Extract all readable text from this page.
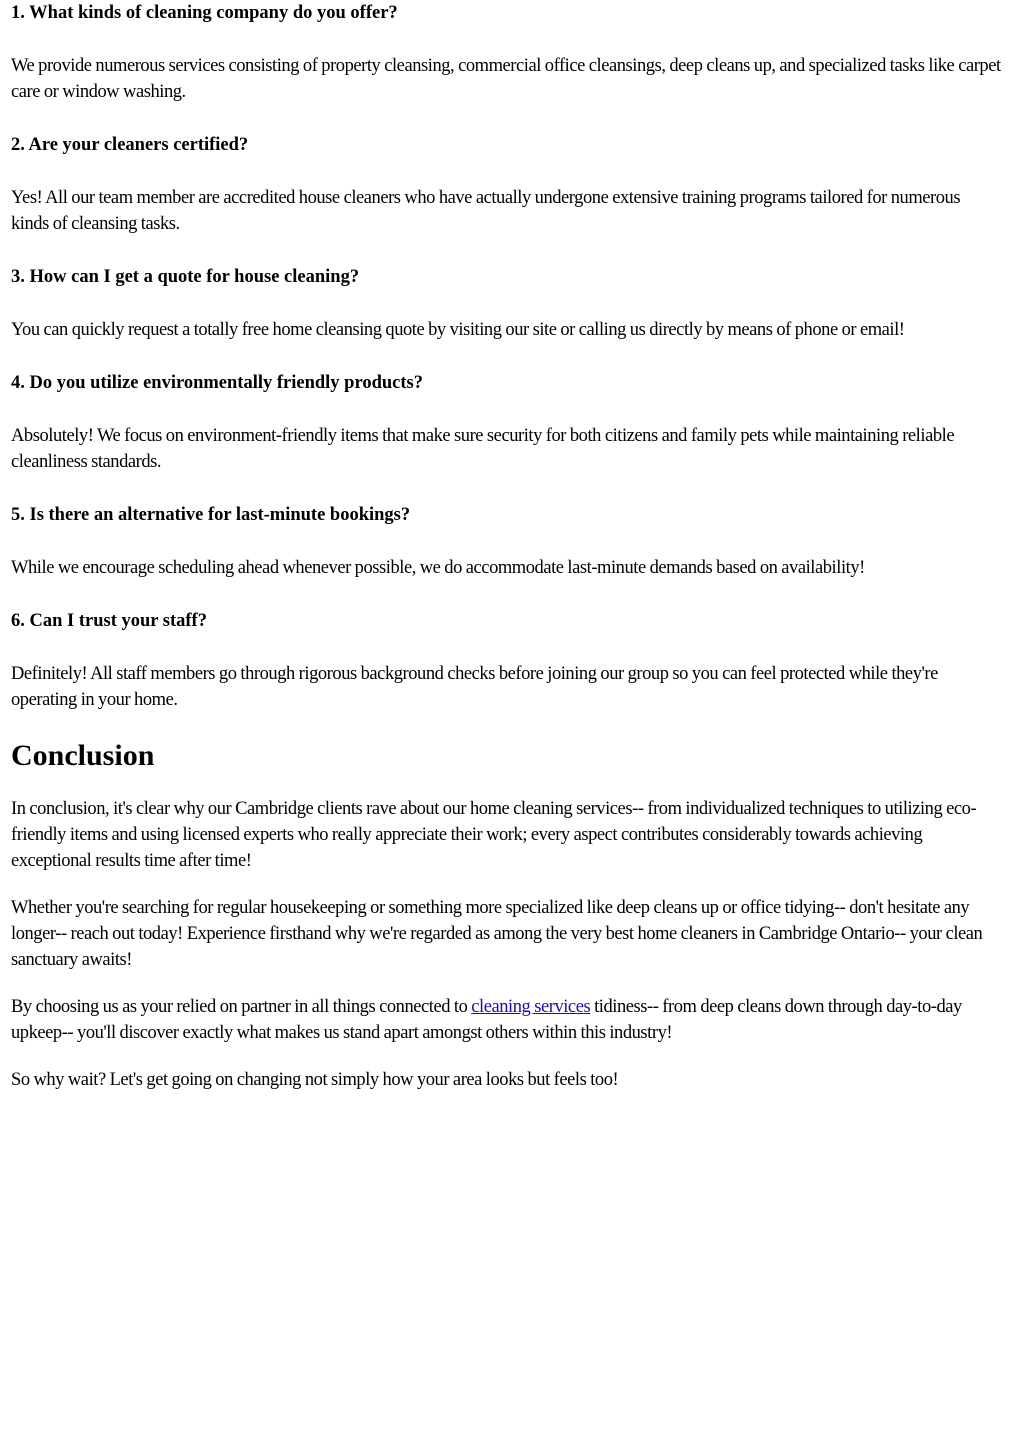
1. What kinds of cleaning company do you offer?

We provide numerous services consisting of property cleansing, commercial office cleansings, deep cleans up, and specialized tasks like carpet care or window washing.

2. Are your cleaners certified?

Yes! All our team member are accredited house cleaners who have actually undergone extensive training programs tailored for numerous kinds of cleansing tasks.

3. How can I get a quote for house cleaning?

You can quickly request a totally free home cleansing quote by visiting our site or calling us directly by means of phone or email!

4. Do you utilize environmentally friendly products?

Absolutely! We focus on environment-friendly items that make sure security for both citizens and family pets while maintaining reliable cleanliness standards.

5. Is there an alternative for last-minute bookings?

While we encourage scheduling ahead whenever possible, we do accommodate last-minute demands based on availability!

6. Can I trust your staff?

Definitely! All staff members go through rigorous background checks before joining our group so you can feel protected while they're operating in your home.

Conclusion

In conclusion, it's clear why our Cambridge clients rave about our home cleaning services-- from individualized techniques to utilizing eco-friendly items and using licensed experts who really appreciate their work; every aspect contributes considerably towards achieving exceptional results time after time!

Whether you're searching for regular housekeeping or something more specialized like deep cleans up or office tidying-- don't hesitate any longer-- reach out today! Experience firsthand why we're regarded as among the very best home cleaners in Cambridge Ontario-- your clean sanctuary awaits!

By choosing us as your relied on partner in all things connected to cleaning services tidiness-- from deep cleans down through day-to-day upkeep-- you'll discover exactly what makes us stand apart amongst others within this industry!

So why wait? Let's get going on changing not simply how your area looks but feels too!
